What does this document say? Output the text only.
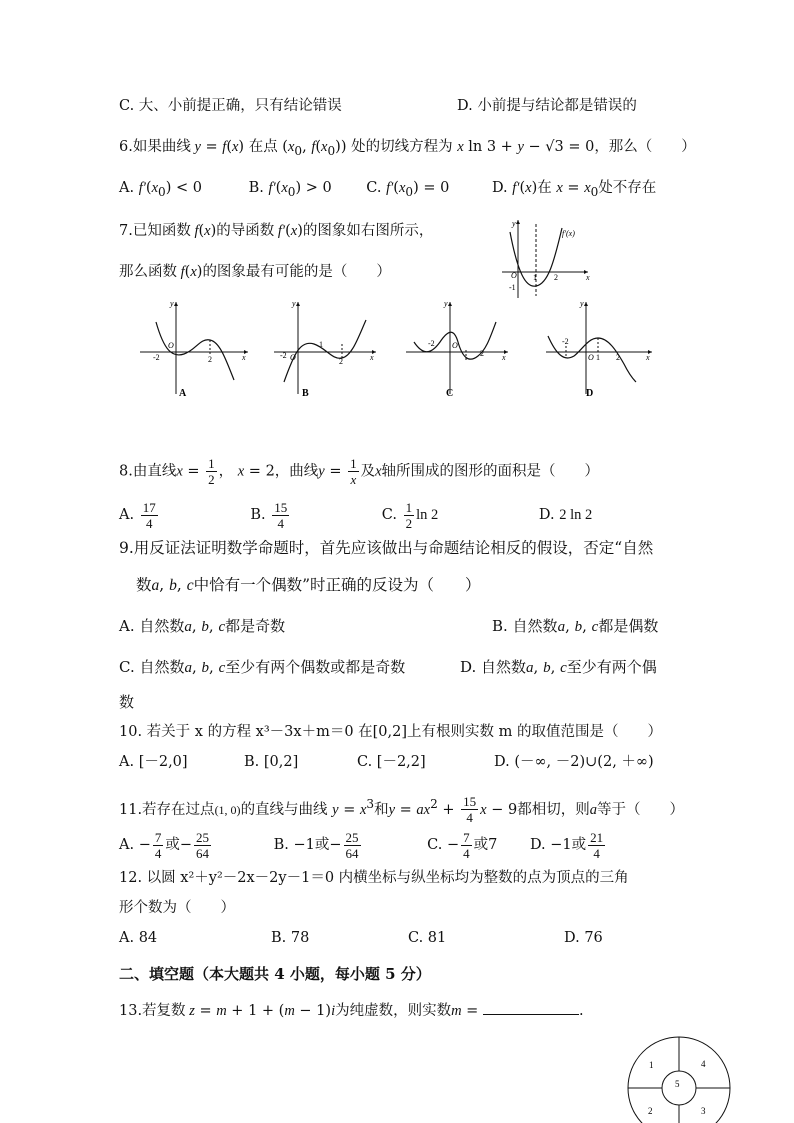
C. 大、小前提正确，只有结论错误	D. 小前提与结论都是错误的
6.如果曲线 y = f(x) 在点 ($x_0$, $f(x_0)$) 处的切线方程为 x ln 3 + y − √3 = 0，那么（　　）
A. $f'(x_0) < 0$	B. $f'(x_0) > 0$ C. $f'(x_0) = 0$	D. f′(x)在 $x = x_0$处不存在
7.已知函数 f(x)的导函数 f′(x)的图象如右图所示，
那么函数 f(x)的图象最有可能的是（　　）
y
x
O 1 2
-1
f′(x)
y
x
O
-2	2
A
y
x
-2 O
1
2
B
y
x
-2 O
2
C
y
x
-2
O 1 2
D
8.由直线$x = \frac{1}{2}$ ， x = 2，曲线$y = \frac{1}{x}$ 及x轴所围成的图形的面积是（　　）
A. $\frac{17}{4}$	B. $\frac{15}{4}$	C. $\frac{1}{2}$ ln 2	D. 2 ln 2
9.用反证法证明数学命题时，首先应该做出与命题结论相反的假设，否定“自然
数a, b, c中恰有一个偶数”时正确的反设为（　　）
A. 自然数a, b, c都是奇数	B. 自然数a, b, c都是偶数
C. 自然数a, b, c至少有两个偶数或都是奇数	D. 自然数a, b, c至少有两个偶
数
10. 若关于 x 的方程 x³－3x＋m＝0 在[0,2]上有根则实数 m 的取值范围是（　　）
A. [－2,0]	B. [0,2]	C. [－2,2]	D. (－∞, －2)∪(2, ＋∞)
11.若存在过点(1, 0)的直线与曲线 $y = x^3$和$y = ax^2 + \frac{15}{4}$ x − 9都相切，则a等于（　　）
A. − $\frac{7}{4}$ 或− $\frac{25}{64}$	B. −1或− $\frac{25}{64}$	C. − $\frac{7}{4}$ 或7 D. −1或 $\frac{21}{4}$
12. 以圆 x²＋y²－2x－2y－1＝0 内横坐标与纵坐标均为整数的点为顶点的三角
形个数为（　　）
A. 84	B. 78	C. 81	D. 76
二、填空题（本大题共 4 小题，每小题 5 分）
13.若复数 z = m + 1 + (m − 1)i为纯虚数，则实数m =	.
1	4
5
2	3
